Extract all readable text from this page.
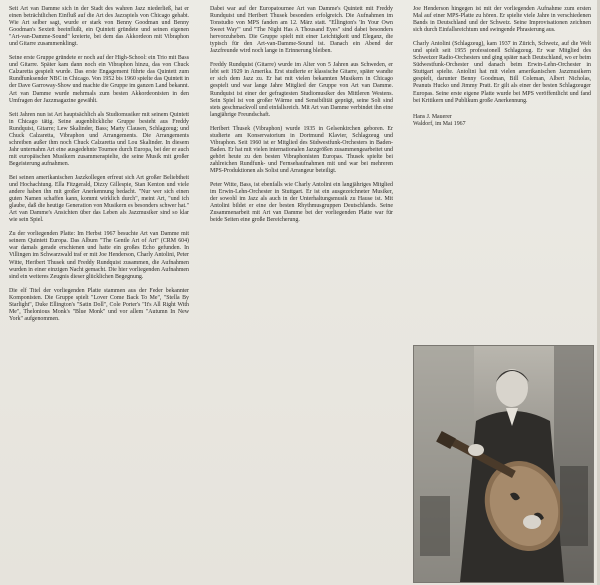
Seit Art van Damme sich in der Stadt des wahren Jazz niederließ, hat er einen beträchtlichen Einfluß auf die Art des Jazzspiels von Chicago gehabt. Wie Art selber sagt, wurde er stark von Benny Goodman und Benny Goodman's Sextett beeinflußt, ein Quintett gründete und seinen eigenen "Art-van-Damme-Sound" kreierte, bei dem das Akkordeon mit Vibraphon und Gitarre zusammenklingt.

Seine erste Gruppe gründete er noch auf der High-School: ein Trio mit Bass und Gitarre. Später kam dann noch ein Vibraphon hinzu, das von Chuck Calzaretta gespielt wurde. Das erste Engagement führte das Quintett zum Rundfunksender NBC in Chicago. Von 1952 bis 1960 spielte das Quintett in der Dave Garroway-Show und machte die Gruppe im ganzen Land bekannt. Art van Damme wurde mehrmals zum besten Akkordeonisten in den Umfragen der Jazzmagazine gewählt.

Seit Jahren nun ist Art hauptsächlich als Studiomusiker mit seinem Quintett in Chicago tätig. Seine augenblickliche Gruppe besteht aus Freddy Rundquist, Gitarre; Lew Skalinder, Bass; Marty Clausen, Schlagzeug; und Chuck Calzaretta, Vibraphon und Arrangements. Die Arrangements schreiben außer ihm noch Chuck Calzaretta und Lou Skalinder. In diesem Jahr unternahm Art eine ausgedehnte Tournee durch Europa, bei der er auch mit europäischen Musikern zusammenspielte, die seine Musik mit großer Begeisterung aufnahmen.

Bei seinen amerikanischen Jazzkollegen erfreut sich Art großer Beliebtheit und Hochachtung. Ella Fitzgerald, Dizzy Gillespie, Stan Kenton und viele andere haben ihn mit großer Anerkennung bedacht. "Nur wer sich einen guten Namen schaffen kann, kommt wirklich durch", meint Art, "und ich glaube, daß die heutige Generation von Musikern es besonders schwer hat." Art van Damme's Ansichten über das Leben als Jazzmusiker sind so klar wie sein Spiel.

Zu der vorliegenden Platte: Im Herbst 1967 besuchte Art van Damme mit seinem Quintett Europa. Das Album "The Gentle Art of Art" (CRM 604) war damals gerade erschienen und hatte ein großes Echo gefunden. In Villingen im Schwarzwald traf er mit Joe Henderson, Charly Antolini, Peter Witte, Heribert Thusek und Freddy Rundquist zusammen, die Aufnahmen wurden in einer einzigen Nacht gemacht. Die hier vorliegenden Aufnahmen sind ein weiteres Zeugnis dieser glücklichen Begegnung.

Die elf Titel der vorliegenden Platte stammen aus der Feder bekannter Komponisten. Die Gruppe spielt "Lover Come Back To Me", "Stella By Starlight", Duke Ellington's "Satin Doll", Cole Porter's "It's All Right With Me", Thelonious Monk's "Blue Monk" und vor allem "Autumn In New York" aufgenommen.

Dabei war auf der Europatournee Art van Damme's Quintett mit Freddy Rundquist und Heribert Thusek besonders erfolgreich. Die Aufnahmen im Tonstudio von MPS fanden am 12. März statt. "Ellington's 'In Your Own Sweet Way'" und "The Night Has A Thousand Eyes" sind dabei besonders hervorzuheben. Die Gruppe spielt mit einer Leichtigkeit und Eleganz, die typisch für den Art-van-Damme-Sound ist. Danach ein Abend der Jazzfreunde wird noch lange in Erinnerung bleiben.

Freddy Rundquist (Gitarre) wurde im Alter von 5 Jahren aus Schweden, er lebt seit 1929 in Amerika. Erst studierte er klassische Gitarre, später wandte er sich dem Jazz zu. Er hat mit vielen bekannten Musikern in Chicago gespielt und war lange Jahre Mitglied der Gruppe von Art van Damme. Rundquist ist einer der gefragtesten Studiomusiker des Mittleren Westens. Sein Spiel ist von großer Wärme und Sensibilität geprägt, seine Soli sind stets geschmackvoll und einfallsreich. Mit Art van Damme verbindet ihn eine langjährige Freundschaft.

Heribert Thusek (Vibraphon) wurde 1935 in Gelsenkirchen geboren. Er studierte am Konservatorium in Dortmund Klavier, Schlagzeug und Vibraphon. Seit 1960 ist er Mitglied des Südwestfunk-Orchesters in Baden-Baden. Er hat mit vielen internationalen Jazzgrößen zusammengearbeitet und gehört heute zu den besten Vibraphonisten Europas. Thusek spielte bei zahlreichen Rundfunk- und Fernsehaufnahmen mit und war bei mehreren MPS-Produktionen als Solist und Arrangeur beteiligt.

Peter Witte, Bass, ist ebenfalls wie Charly Antolini ein langjähriges Mitglied im Erwin-Lehn-Orchester in Stuttgart. Er ist ein ausgezeichneter Musiker, der sowohl im Jazz als auch in der Unterhaltungsmusik zu Hause ist. Mit Antolini bildet er eine der besten Rhythmusgruppen Deutschlands. Seine Zusammenarbeit mit Art van Damme bei der vorliegenden Platte war für beide Seiten eine große Bereicherung.

Joe Henderson hingegen ist mit der vorliegenden Aufnahme zum ersten Mal auf einer MPS-Platte zu hören. Er spielte viele Jahre in verschiedenen Bands in Deutschland und der Schweiz. Seine Improvisationen zeichnen sich durch Einfallsreichtum und swingende Phrasierung aus.

Charly Antolini (Schlagzeug), kam 1937 in Zürich, Schweiz, auf die Welt und spielt seit 1955 professionell Schlagzeug. Er war Mitglied des Schweizer Radio-Orchesters und ging später nach Deutschland, wo er beim Südwestfunk-Orchester und danach beim Erwin-Lehn-Orchester in Stuttgart spielte. Antolini hat mit vielen amerikanischen Jazzmusikern gespielt, darunter Benny Goodman, Bill Coleman, Albert Nicholas, Peanuts Hucko und Jimmy Pratt. Er gilt als einer der besten Schlagzeuger Europas. Seine erste eigene Platte wurde bei MPS veröffentlicht und fand bei Kritikern und Publikum große Anerkennung.

Hans J. Mauerer
Waldorf, im Mai 1967
